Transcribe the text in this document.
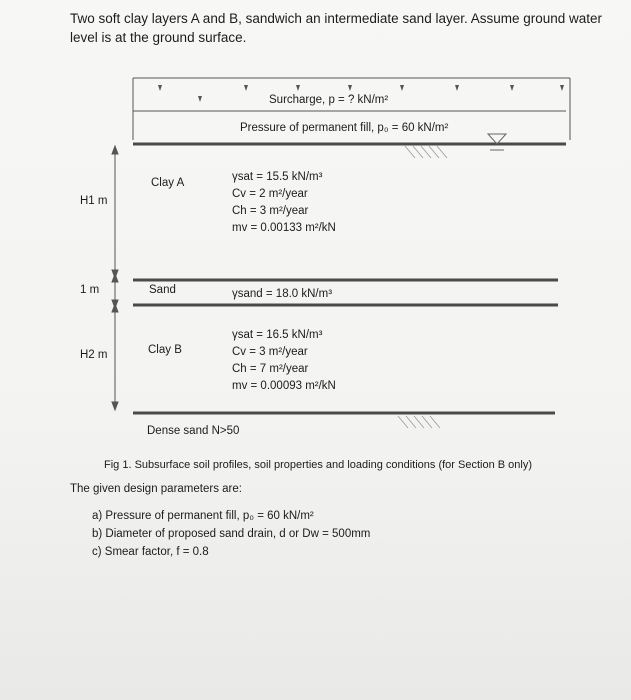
Two soft clay layers A and B, sandwich an intermediate sand layer. Assume ground water level is at the ground surface.
Surcharge, p = ? kN/m²
Pressure of permanent fill, p₀ = 60 kN/m²
H1 m
Clay A	γsat = 15.5 kN/m³
Cv = 2 m²/year
Ch = 3 m²/year
mv = 0.00133 m²/kN
1 m	Sand	γsand = 18.0 kN/m³
H2 m	Clay B
γsat = 16.5 kN/m³
Cv = 3 m²/year
Ch = 7 m²/year
mv = 0.00093 m²/kN
Dense sand N>50
Fig 1. Subsurface soil profiles, soil properties and loading conditions (for Section B only)
The given design parameters are:
a) Pressure of permanent fill, p₀ = 60 kN/m²
b) Diameter of proposed sand drain, d or Dw = 500mm
c) Smear factor, f = 0.8
